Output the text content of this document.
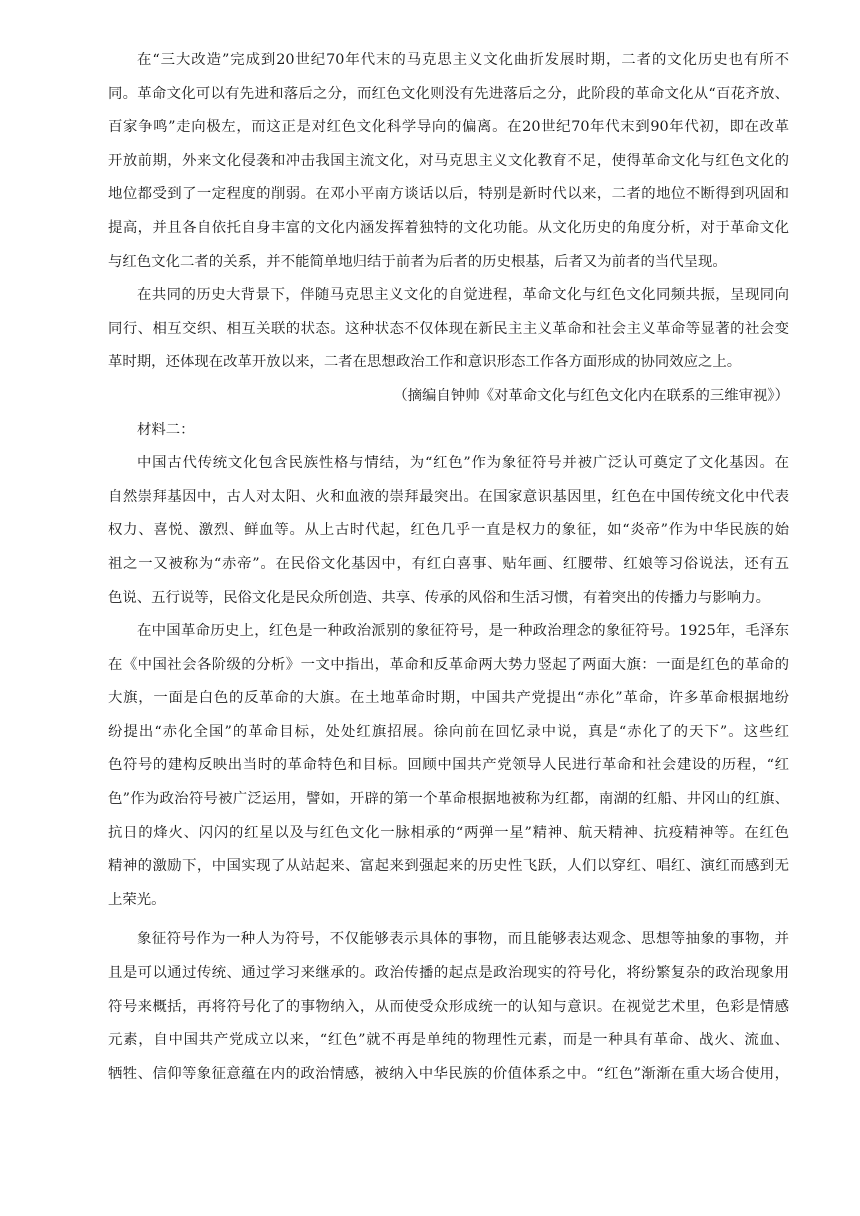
在“三大改造”完成到20世纪70年代末的马克思主义文化曲折发展时期，二者的文化历史也有所不

同。革命文化可以有先进和落后之分，而红色文化则没有先进落后之分，此阶段的革命文化从“百花齐放、

百家争鸣”走向极左，而这正是对红色文化科学导向的偏离。在20世纪70年代末到90年代初，即在改革

开放前期，外来文化侵袭和冲击我国主流文化，对马克思主义文化教育不足，使得革命文化与红色文化的

地位都受到了一定程度的削弱。在邓小平南方谈话以后，特别是新时代以来，二者的地位不断得到巩固和

提高，并且各自依托自身丰富的文化内涵发挥着独特的文化功能。从文化历史的角度分析，对于革命文化

与红色文化二者的关系，并不能简单地归结于前者为后者的历史根基，后者又为前者的当代呈现。

在共同的历史大背景下，伴随马克思主义文化的自觉进程，革命文化与红色文化同频共振，呈现同向

同行、相互交织、相互关联的状态。这种状态不仅体现在新民主主义革命和社会主义革命等显著的社会变

革时期，还体现在改革开放以来，二者在思想政治工作和意识形态工作各方面形成的协同效应之上。

（摘编自钟帅《对革命文化与红色文化内在联系的三维审视》）

材料二：

中国古代传统文化包含民族性格与情结，为“红色”作为象征符号并被广泛认可奠定了文化基因。在

自然崇拜基因中，古人对太阳、火和血液的崇拜最突出。在国家意识基因里，红色在中国传统文化中代表

权力、喜悦、激烈、鲜血等。从上古时代起，红色几乎一直是权力的象征，如“炎帝”作为中华民族的始

祖之一又被称为“赤帝”。在民俗文化基因中，有红白喜事、贴年画、红腰带、红娘等习俗说法，还有五

色说、五行说等，民俗文化是民众所创造、共享、传承的风俗和生活习惯，有着突出的传播力与影响力。

在中国革命历史上，红色是一种政治派别的象征符号，是一种政治理念的象征符号。1925年，毛泽东

在《中国社会各阶级的分析》一文中指出，革命和反革命两大势力竖起了两面大旗：一面是红色的革命的

大旗，一面是白色的反革命的大旗。在土地革命时期，中国共产党提出“赤化”革命，许多革命根据地纷

纷提出“赤化全国”的革命目标，处处红旗招展。徐向前在回忆录中说，真是“赤化了的天下”。这些红

色符号的建构反映出当时的革命特色和目标。回顾中国共产党领导人民进行革命和社会建设的历程，“红

色”作为政治符号被广泛运用，譬如，开辟的第一个革命根据地被称为红都，南湖的红船、井冈山的红旗、

抗日的烽火、闪闪的红星以及与红色文化一脉相承的“两弹一星”精神、航天精神、抗疫精神等。在红色

精神的激励下，中国实现了从站起来、富起来到强起来的历史性飞跃，人们以穿红、唱红、演红而感到无

上荣光。

象征符号作为一种人为符号，不仅能够表示具体的事物，而且能够表达观念、思想等抽象的事物，并

且是可以通过传统、通过学习来继承的。政治传播的起点是政治现实的符号化，将纷繁复杂的政治现象用

符号来概括，再将符号化了的事物纳入，从而使受众形成统一的认知与意识。在视觉艺术里，色彩是情感

元素，自中国共产党成立以来，“红色”就不再是单纯的物理性元素，而是一种具有革命、战火、流血、

牺牲、信仰等象征意蕴在内的政治情感，被纳入中华民族的价值体系之中。“红色”渐渐在重大场合使用，
